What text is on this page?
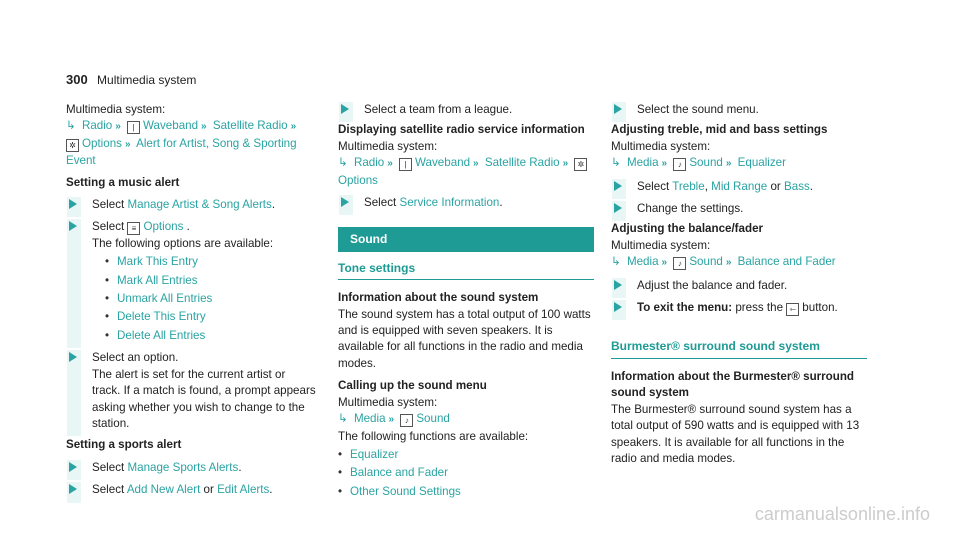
300 Multimedia system
Multimedia system:
↳ Radio » | Waveband » Satellite Radio » ✲ Options » Alert for Artist, Song & Sporting Event
Setting a music alert
Select Manage Artist & Song Alerts.
Select ≡ Options .
The following options are available:
• Mark This Entry
• Mark All Entries
• Unmark All Entries
• Delete This Entry
• Delete All Entries
Select an option.
The alert is set for the current artist or track. If a match is found, a prompt appears asking whether you wish to change to the station.
Setting a sports alert
Select Manage Sports Alerts.
Select Add New Alert or Edit Alerts.
Select a team from a league.
Displaying satellite radio service information
Multimedia system:
↳ Radio » | Waveband » Satellite Radio » ✲Options
Select Service Information.
Sound
Tone settings
Information about the sound system
The sound system has a total output of 100 watts and is equipped with seven speakers. It is available for all functions in the radio and media modes.
Calling up the sound menu
Multimedia system:
↳ Media » ♪ Sound
The following functions are available:
• Equalizer
• Balance and Fader
• Other Sound Settings
Select the sound menu.
Adjusting treble, mid and bass settings
Multimedia system:
↳ Media » ♪ Sound » Equalizer
Select Treble, Mid Range or Bass.
Change the settings.
Adjusting the balance/fader
Multimedia system:
↳ Media » ♪ Sound » Balance and Fader
Adjust the balance and fader.
To exit the menu: press the ⇽ button.
Burmester® surround sound system
Information about the Burmester® surround sound system
The Burmester® surround sound system has a total output of 590 watts and is equipped with 13 speakers. It is available for all functions in the radio and media modes.
carmanualsonline.info
